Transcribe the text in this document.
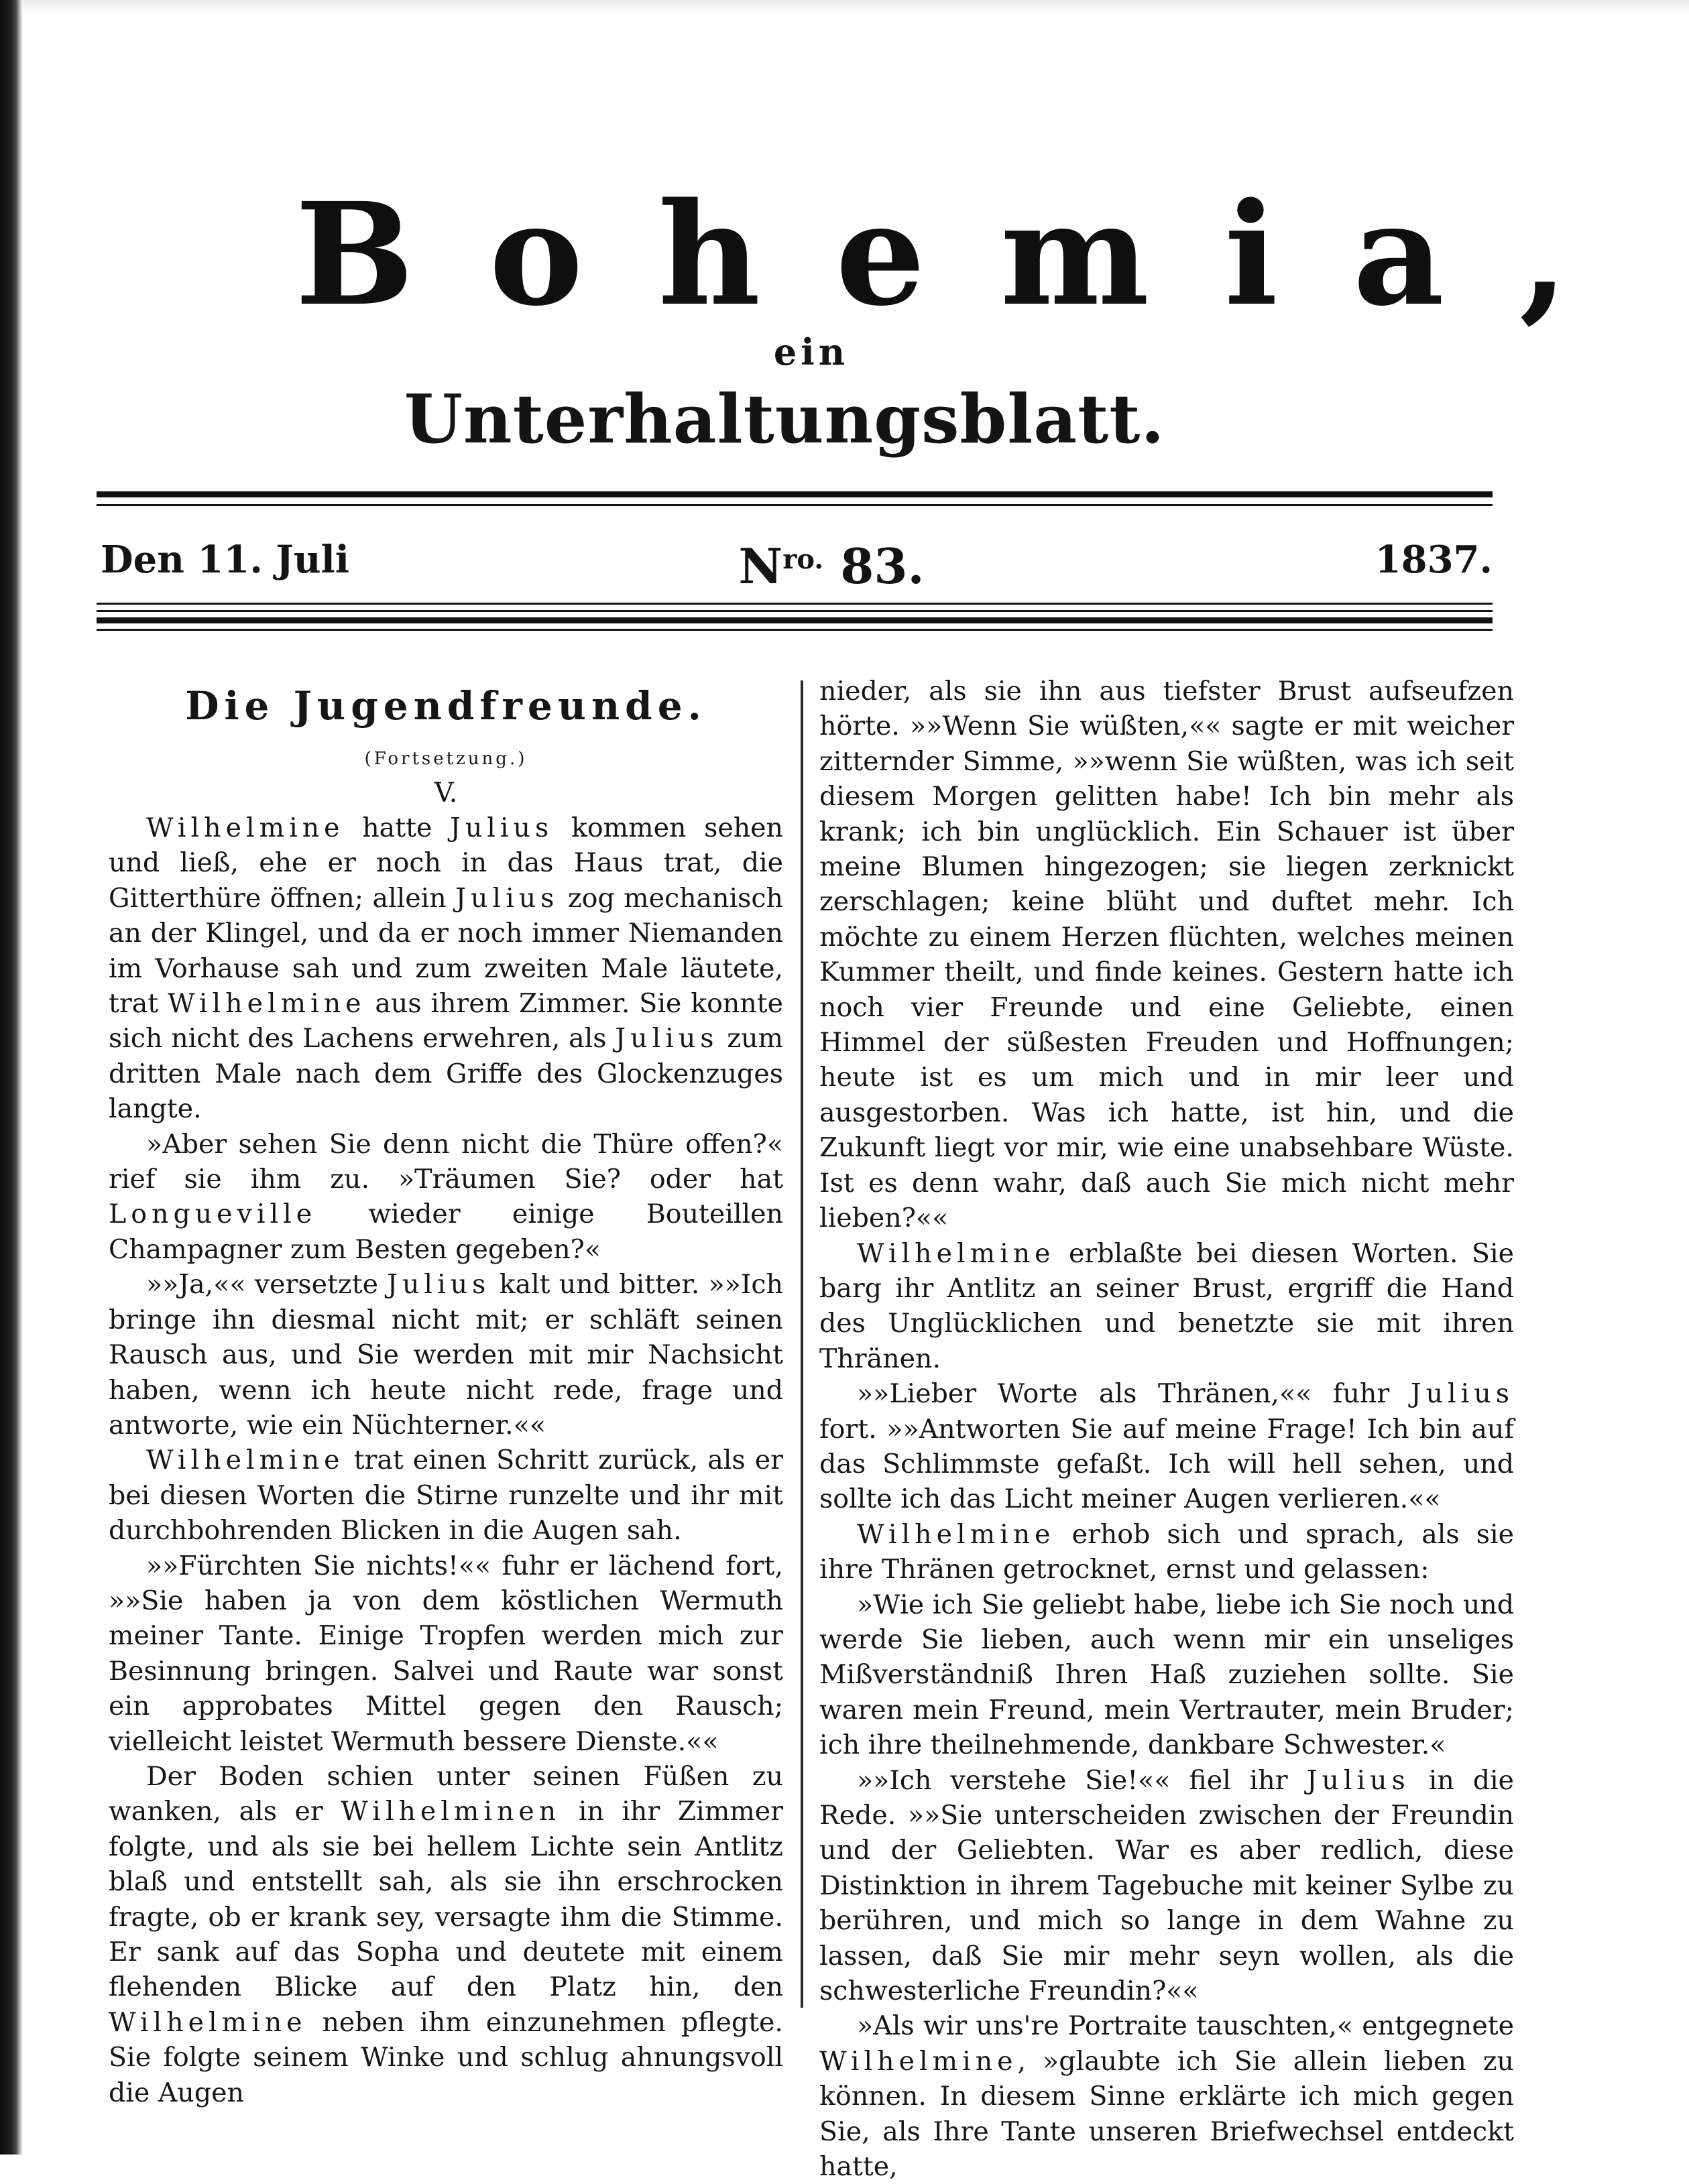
Bohemia,
ein
Unterhaltungsblatt.
Den 11. Juli	$N^{ro.}$ 83.	1837.
Die Jugendfreunde.
(Fortsetzung.)
V.

Wilhelmine hatte Julius kommen sehen und ließ, ehe er noch in das Haus trat, die Gitterthüre öffnen; allein Julius zog mechanisch an der Klingel, und da er noch immer Niemanden im Vorhause sah und zum zweiten Male läutete, trat Wilhelmine aus ihrem Zimmer. Sie konnte sich nicht des Lachens erwehren, als Julius zum dritten Male nach dem Griffe des Glockenzuges langte.

»Aber sehen Sie denn nicht die Thüre offen?« rief sie ihm zu. »Träumen Sie? oder hat Longueville wieder einige Bouteillen Champagner zum Besten gegeben?«

»»Ja,«« versetzte Julius kalt und bitter. »»Ich bringe ihn diesmal nicht mit; er schläft seinen Rausch aus, und Sie werden mit mir Nachsicht haben, wenn ich heute nicht rede, frage und antworte, wie ein Nüchterner.««

Wilhelmine trat einen Schritt zurück, als er bei diesen Worten die Stirne runzelte und ihr mit durchbohrenden Blicken in die Augen sah.

»»Fürchten Sie nichts!«« fuhr er lächend fort, »»Sie haben ja von dem köstlichen Wermuth meiner Tante. Einige Tropfen werden mich zur Besinnung bringen. Salvei und Raute war sonst ein approbates Mittel gegen den Rausch; vielleicht leistet Wermuth bessere Dienste.««

Der Boden schien unter seinen Füßen zu wanken, als er Wilhelminen in ihr Zimmer folgte, und als sie bei hellem Lichte sein Antlitz blaß und entstellt sah, als sie ihn erschrocken fragte, ob er krank sey, versagte ihm die Stimme. Er sank auf das Sopha und deutete mit einem flehenden Blicke auf den Platz hin, den Wilhelmine neben ihm einzunehmen pflegte. Sie folgte seinem Winke und schlug ahnungsvoll die Augen

nieder, als sie ihn aus tiefster Brust aufseufzen hörte. »»Wenn Sie wüßten,«« sagte er mit weicher zitternder Simme, »»wenn Sie wüßten, was ich seit diesem Morgen gelitten habe! Ich bin mehr als krank; ich bin unglücklich. Ein Schauer ist über meine Blumen hingezogen; sie liegen zerknickt zerschlagen; keine blüht und duftet mehr. Ich möchte zu einem Herzen flüchten, welches meinen Kummer theilt, und finde keines. Gestern hatte ich noch vier Freunde und eine Geliebte, einen Himmel der süßesten Freuden und Hoffnungen; heute ist es um mich und in mir leer und ausgestorben. Was ich hatte, ist hin, und die Zukunft liegt vor mir, wie eine unabsehbare Wüste. Ist es denn wahr, daß auch Sie mich nicht mehr lieben?««

Wilhelmine erblaßte bei diesen Worten. Sie barg ihr Antlitz an seiner Brust, ergriff die Hand des Unglücklichen und benetzte sie mit ihren Thränen.

»»Lieber Worte als Thränen,«« fuhr Julius fort. »»Antworten Sie auf meine Frage! Ich bin auf das Schlimmste gefaßt. Ich will hell sehen, und sollte ich das Licht meiner Augen verlieren.««

Wilhelmine erhob sich und sprach, als sie ihre Thränen getrocknet, ernst und gelassen:

»Wie ich Sie geliebt habe, liebe ich Sie noch und werde Sie lieben, auch wenn mir ein unseliges Mißverständniß Ihren Haß zuziehen sollte. Sie waren mein Freund, mein Vertrauter, mein Bruder; ich ihre theilnehmende, dankbare Schwester.«

»»Ich verstehe Sie!«« fiel ihr Julius in die Rede. »»Sie unterscheiden zwischen der Freundin und der Geliebten. War es aber redlich, diese Distinktion in ihrem Tagebuche mit keiner Sylbe zu berühren, und mich so lange in dem Wahne zu lassen, daß Sie mir mehr seyn wollen, als die schwesterliche Freundin?««

»Als wir uns're Portraite tauschten,« entgegnete Wilhelmine, »glaubte ich Sie allein lieben zu können. In diesem Sinne erklärte ich mich gegen Sie, als Ihre Tante unseren Briefwechsel entdeckt hatte,
